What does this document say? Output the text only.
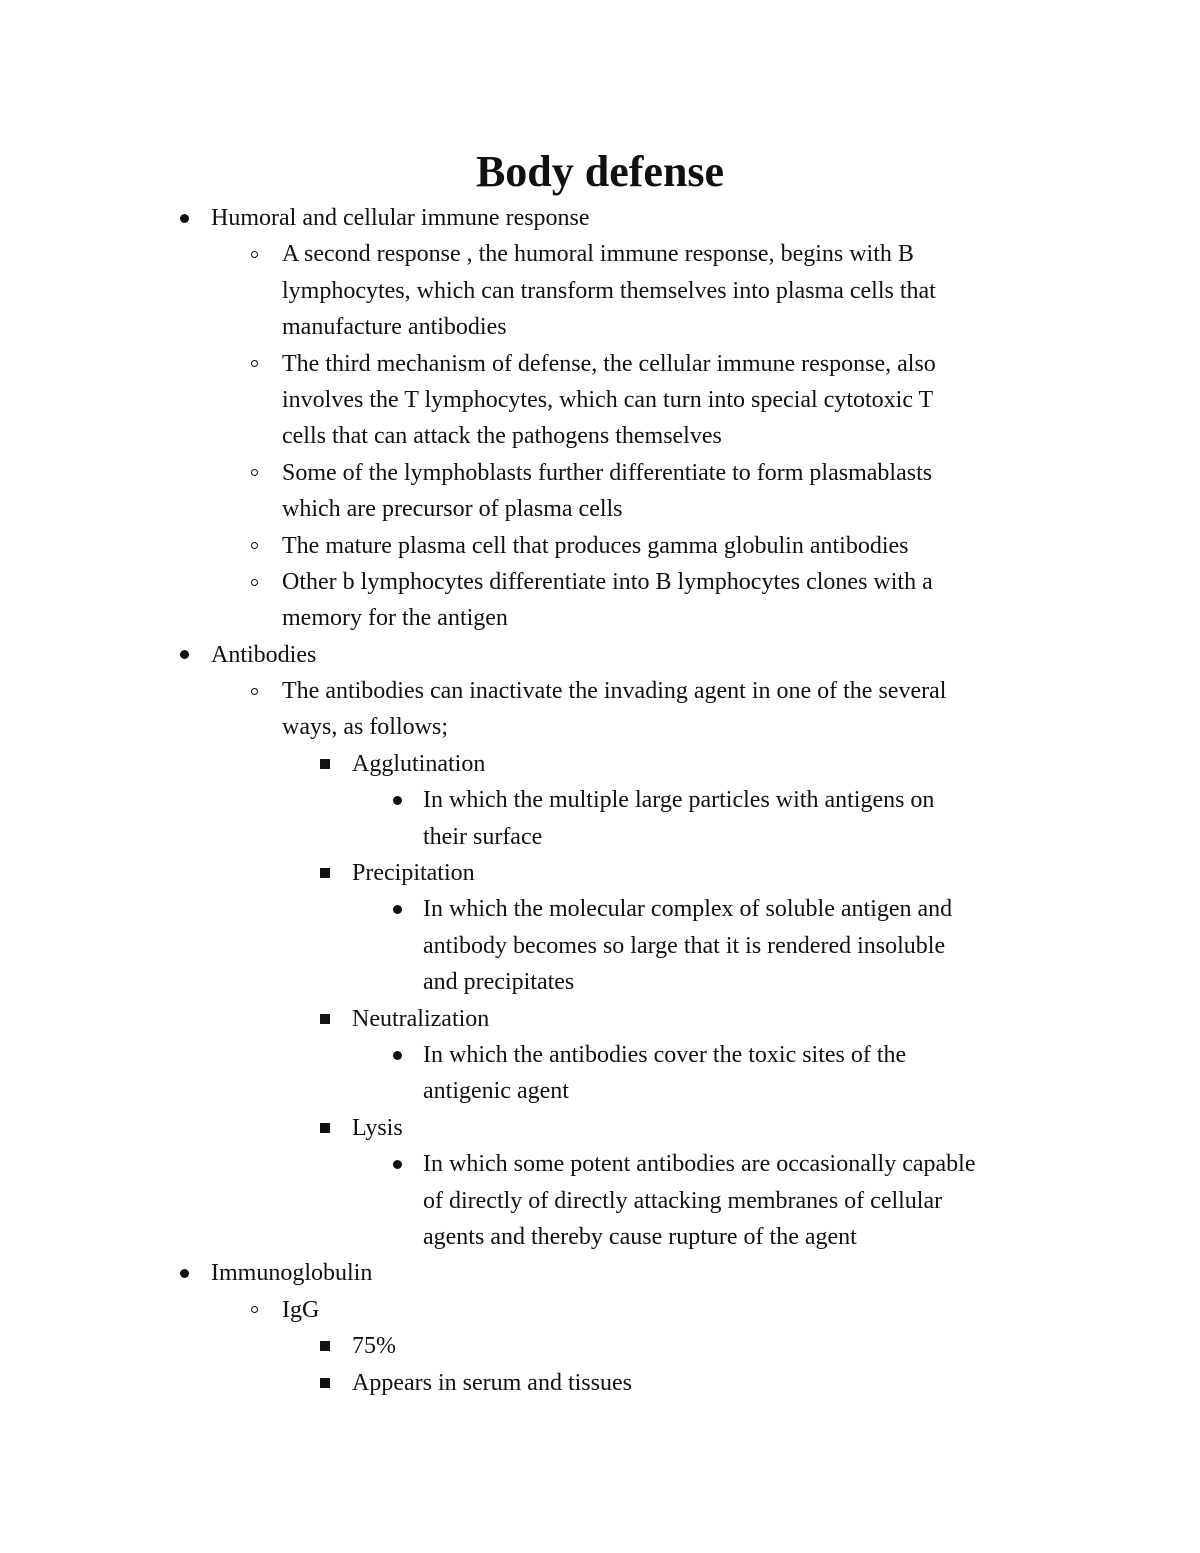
Body defense
Humoral and cellular immune response
A second response , the humoral immune response, begins with B
lymphocytes, which can transform themselves into plasma cells that
manufacture antibodies
The third mechanism of defense, the cellular immune response, also
involves the T lymphocytes, which can turn into special cytotoxic T
cells that can attack the pathogens themselves
Some of the lymphoblasts further differentiate to form plasmablasts
which are precursor of plasma cells
The mature plasma cell that produces gamma globulin antibodies
Other b lymphocytes differentiate into B lymphocytes clones with a
memory for the antigen
Antibodies
The antibodies can inactivate the invading agent in one of the several
ways, as follows;
Agglutination
In which the multiple large particles with antigens on
their surface
Precipitation
In which the molecular complex of soluble antigen and
antibody becomes so large that it is rendered insoluble
and precipitates
Neutralization
In which the antibodies cover the toxic sites of the
antigenic agent
Lysis
In which some potent antibodies are occasionally capable
of directly of directly attacking membranes of cellular
agents and thereby cause rupture of the agent
Immunoglobulin
IgG
75%
Appears in serum and tissues
